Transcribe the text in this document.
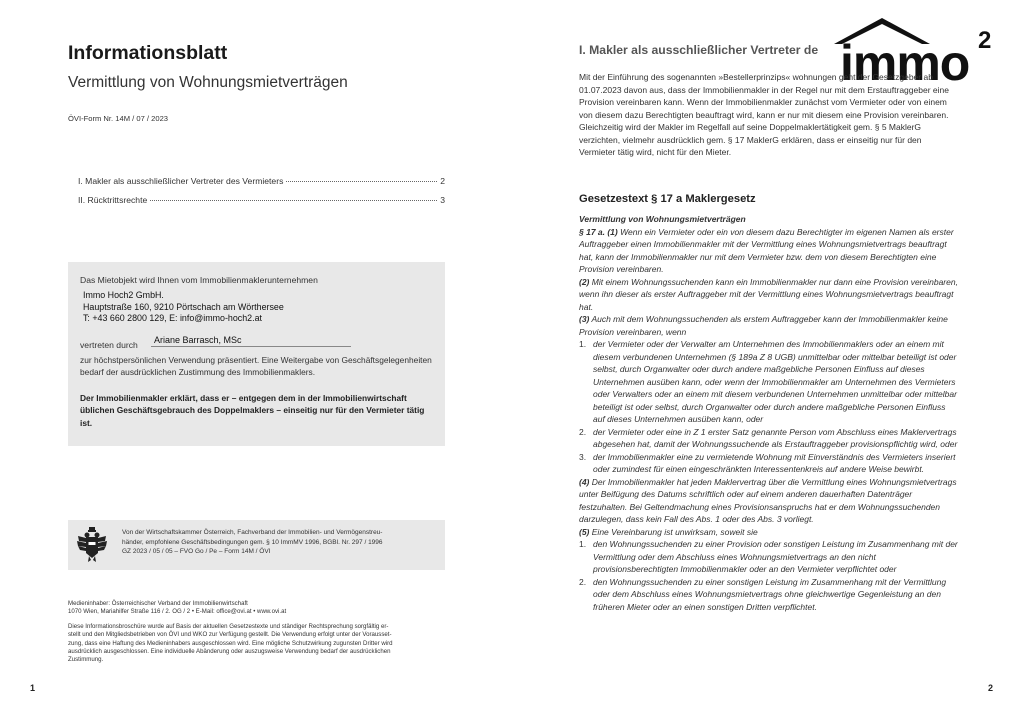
Informationsblatt
Vermittlung von Wohnungsmietverträgen
ÖVI-Form Nr. 14M / 07 / 2023
I. Makler als ausschließlicher Vertreter des Vermieters	2
II. Rücktrittsrechte	3
Das Mietobjekt wird Ihnen vom Immobilienmaklerunternehmen
Immo Hoch2 GmbH.
Hauptstraße 160, 9210 Pörtschach am Wörthersee
T: +43 660 2800 129, E: info@immo-hoch2.at
vertreten durch Ariane Barrasch, MSc
zur höchstpersönlichen Verwendung präsentiert. Eine Weitergabe von Geschäftsgelegenheiten bedarf der ausdrücklichen Zustimmung des Immobilienmaklers.
Der Immobilienmakler erklärt, dass er – entgegen dem in der Immobilienwirtschaft üblichen Geschäftsgebrauch des Doppelmaklers – einseitig nur für den Vermieter tätig ist.
Von der Wirtschaftskammer Österreich, Fachverband der Immobilien- und Vermögenstreu-
händer, empfohlene Geschäftsbedingungen gem. § 10 ImmMV 1996, BGBl. Nr. 297 / 1996
GZ 2023 / 05 / 05 – FVO Go / Pe – Form 14M / ÖVI
Medieninhaber: Österreichischer Verband der Immobilienwirtschaft
1070 Wien, Mariahilfer Straße 116 / 2. OG / 2 • E-Mail: office@ovi.at • www.ovi.at
Diese Informationsbroschüre wurde auf Basis der aktuellen Gesetzestexte und ständiger Rechtsprechung sorgfältig er-
stellt und den Mitgliedsbetrieben von ÖVI und WKO zur Verfügung gestellt. Die Verwendung erfolgt unter der Vorausset-
zung, dass eine Haftung des Medieninhabers ausgeschlossen wird. Eine mögliche Schutzwirkung zugunsten Dritter wird
ausdrücklich ausgeschlossen. Eine individuelle Abänderung oder auszugsweise Verwendung bedarf der ausdrücklichen
Zustimmung.
1
I. Makler als ausschließlicher Vertreter de immo 2
Mit der Einführung des sogenannten »Bestellerprinzips« wohnungen geht der Gesetzgeber ab 01.07.2023 davon aus, dass der Immobilienmakler in der Regel nur mit dem Erstauftraggeber eine Provision vereinbaren kann. Wenn der Immobilienmakler zunächst vom Vermieter oder von einem von diesem dazu Berechtigten beauftragt wird, kann er nur mit diesem eine Provision vereinbaren. Gleichzeitig wird der Makler im Regelfall auf seine Doppelmaklertätigkeit gem. § 5 MaklerG verzichten, vielmehr ausdrücklich gem. § 17 MaklerG erklären, dass er einseitig nur für den Vermieter tätig wird, nicht für den Mieter.
Gesetzestext § 17 a Maklergesetz

Vermittlung von Wohnungsmietverträgen

§ 17 a. (1) Wenn ein Vermieter oder ein von diesem dazu Berechtigter im eigenen Namen als erster Auftraggeber einen Immobilienmakler mit der Vermittlung eines Wohnungsmietvertrags beauftragt hat, kann der Immobilienmakler nur mit dem Vermieter bzw. dem von diesem Berechtigten eine Provision vereinbaren.

(2) Mit einem Wohnungssuchenden kann ein Immobilienmakler nur dann eine Provision vereinbaren, wenn ihn dieser als erster Auftraggeber mit der Vermittlung eines Wohnungsmietvertrags beauftragt hat.

(3) Auch mit dem Wohnungssuchenden als erstem Auftraggeber kann der Immobilienmakler keine Provision vereinbaren, wenn

1. der Vermieter oder der Verwalter am Unternehmen des Immobilienmaklers oder an einem mit diesem verbundenen Unternehmen (§ 189a Z 8 UGB) unmittelbar oder mittelbar beteiligt ist oder selbst, durch Organwalter oder durch andere maßgebliche Personen Einfluss auf dieses Unternehmen ausüben kann, oder wenn der Immobilienmakler am Unternehmen des Vermieters oder Verwalters oder an einem mit diesem verbundenen Unternehmen unmittelbar oder mittelbar beteiligt ist oder selbst, durch Organwalter oder durch andere maßgebliche Personen Einfluss auf dieses Unternehmen ausüben kann, oder
2. der Vermieter oder eine in Z 1 erster Satz genannte Person vom Abschluss eines Maklervertrags abgesehen hat, damit der Wohnungssuchende als Erstauftraggeber provisionspflichtig wird, oder
3. der Immobilienmakler eine zu vermietende Wohnung mit Einverständnis des Vermieters inseriert oder zumindest für einen eingeschränkten Interessentenkreis auf andere Weise bewirbt.

(4) Der Immobilienmakler hat jeden Maklervertrag über die Vermittlung eines Wohnungsmietvertrags unter Beifügung des Datums schriftlich oder auf einem anderen dauerhaften Datenträger festzuhalten. Bei Geltendmachung eines Provisionsanspruchs hat er dem Wohnungssuchenden darzulegen, dass kein Fall des Abs. 1 oder des Abs. 3 vorliegt.

(5) Eine Vereinbarung ist unwirksam, soweit sie

1. den Wohnungssuchenden zu einer Provision oder sonstigen Leistung im Zusammenhang mit der Vermittlung oder dem Abschluss eines Wohnungsmietvertrags an den nicht provisionsberechtigten Immobilienmakler oder an den Vermieter verpflichtet oder
2. den Wohnungssuchenden zu einer sonstigen Leistung im Zusammenhang mit der Vermittlung oder dem Abschluss eines Wohnungsmietvertrags ohne gleichwertige Gegenleistung an den früheren Mieter oder an einen sonstigen Dritten verpflichtet.
2
